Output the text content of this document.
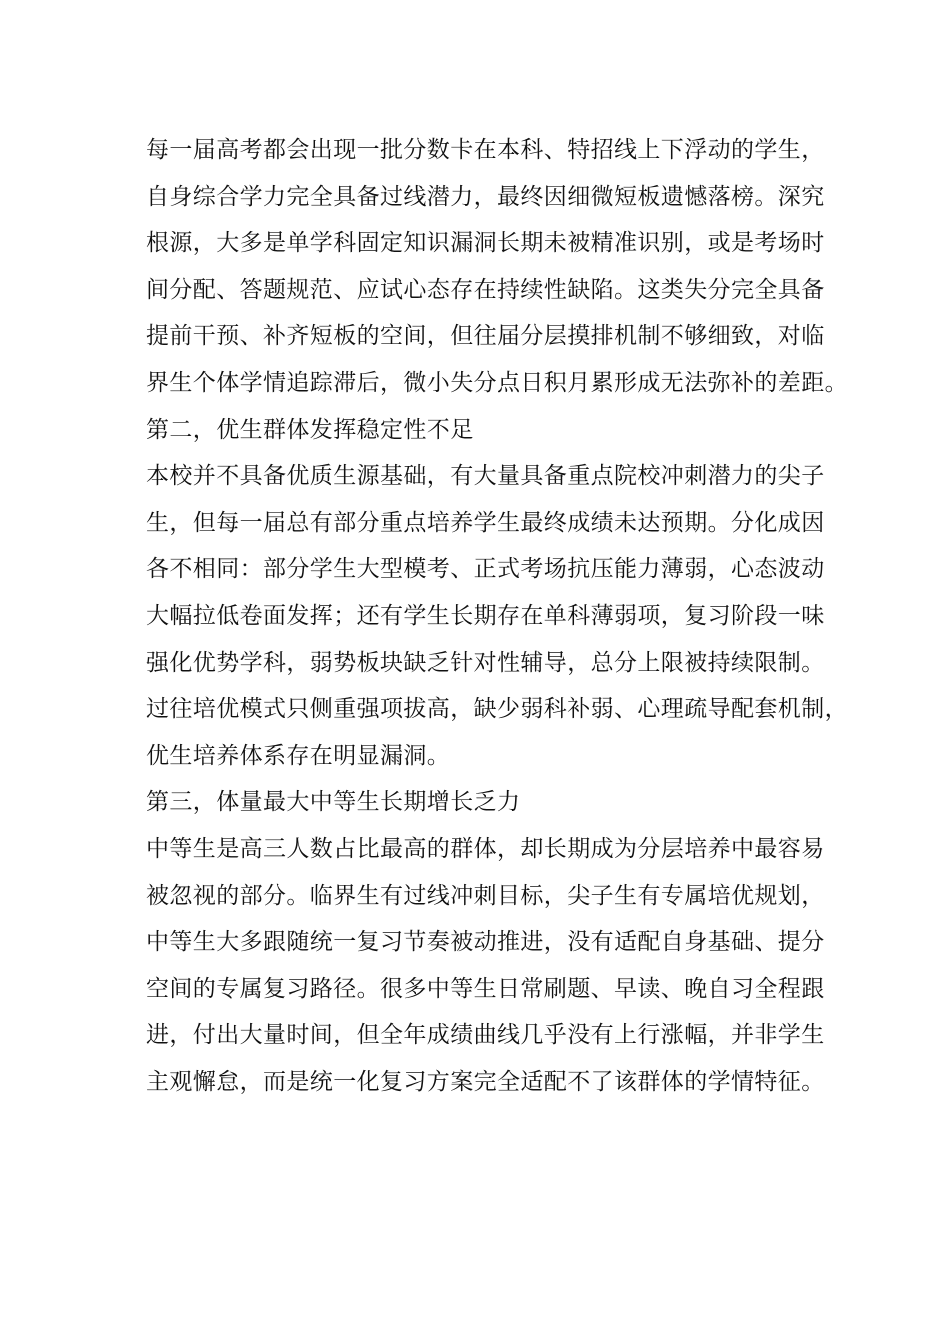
每一届高考都会出现一批分数卡在本科、特招线上下浮动的学生，
自身综合学力完全具备过线潜力，最终因细微短板遗憾落榜。深究
根源，大多是单学科固定知识漏洞长期未被精准识别，或是考场时
间分配、答题规范、应试心态存在持续性缺陷。这类失分完全具备
提前干预、补齐短板的空间，但往届分层摸排机制不够细致，对临
界生个体学情追踪滞后，微小失分点日积月累形成无法弥补的差距。
第二，优生群体发挥稳定性不足
本校并不具备优质生源基础，有大量具备重点院校冲刺潜力的尖子
生，但每一届总有部分重点培养学生最终成绩未达预期。分化成因
各不相同：部分学生大型模考、正式考场抗压能力薄弱，心态波动
大幅拉低卷面发挥；还有学生长期存在单科薄弱项，复习阶段一味
强化优势学科，弱势板块缺乏针对性辅导，总分上限被持续限制。
过往培优模式只侧重强项拔高，缺少弱科补弱、心理疏导配套机制，
优生培养体系存在明显漏洞。
第三，体量最大中等生长期增长乏力
中等生是高三人数占比最高的群体，却长期成为分层培养中最容易
被忽视的部分。临界生有过线冲刺目标，尖子生有专属培优规划，
中等生大多跟随统一复习节奏被动推进，没有适配自身基础、提分
空间的专属复习路径。很多中等生日常刷题、早读、晚自习全程跟
进，付出大量时间，但全年成绩曲线几乎没有上行涨幅，并非学生
主观懈怠，而是统一化复习方案完全适配不了该群体的学情特征。
